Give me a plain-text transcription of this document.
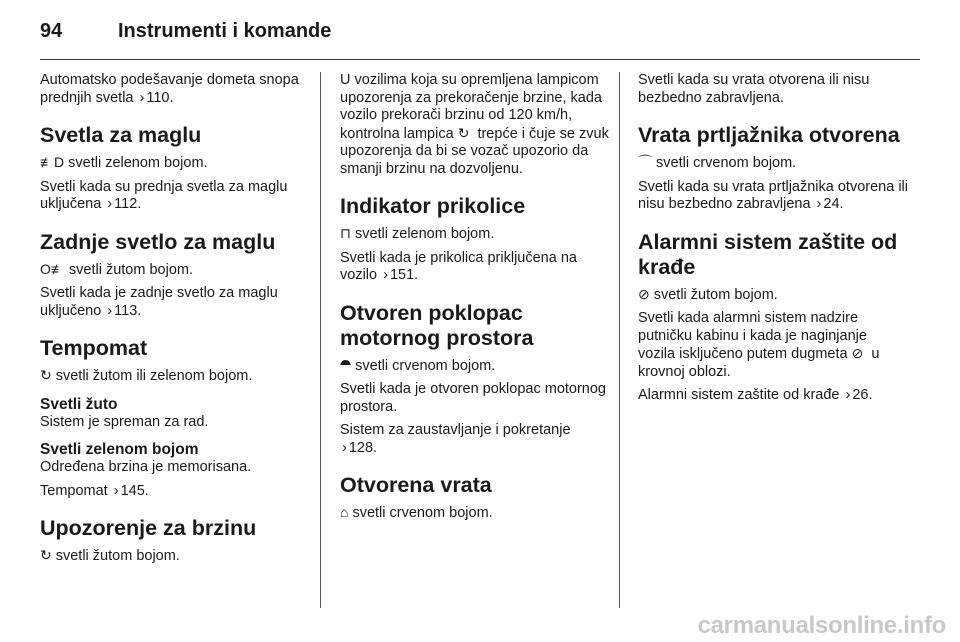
94	Instrumenti i komande

Automatsko podešavanje dometa snopa prednjih svetla › 110.

Svetla za maglu

≢D svetli zelenom bojom.

Svetli kada su prednja svetla za maglu uključena › 112.

Zadnje svetlo za maglu

O≢ svetli žutom bojom.

Svetli kada je zadnje svetlo za maglu uključeno › 113.

Tempomat

↻ svetli žutom ili zelenom bojom.

Svetli žuto

Sistem je spreman za rad.

Svetli zelenom bojom

Određena brzina je memorisana.

Tempomat › 145.

Upozorenje za brzinu

↻ svetli žutom bojom.

U vozilima koja su opremljena lampicom upozorenja za prekoračenje brzine, kada vozilo prekorači brzinu od 120 km/h, kontrolna lampica ↻ trepće i čuje se zvuk upozorenja da bi se vozač upozorio da smanji brzinu na dozvoljenu.

Indikator prikolice

⊓ svetli zelenom bojom.

Svetli kada je prikolica priključena na vozilo › 151.

Otvoren poklopac motornog prostora

⯊ svetli crvenom bojom.

Svetli kada je otvoren poklopac motornog prostora.

Sistem za zaustavljanje i pokretanje › 128.

Otvorena vrata

⌂ svetli crvenom bojom.

Svetli kada su vrata otvorena ili nisu bezbedno zabravljena.

Vrata prtljažnika otvorena

⌒ svetli crvenom bojom.

Svetli kada su vrata prtljažnika otvorena ili nisu bezbedno zabravljena › 24.

Alarmni sistem zaštite od krađe

⊘ svetli žutom bojom.

Svetli kada alarmni sistem nadzire putničku kabinu i kada je naginjanje vozila isključeno putem dugmeta ⊘ u krovnoj oblozi.

Alarmni sistem zaštite od krađe › 26.

carmanualsonline.info
